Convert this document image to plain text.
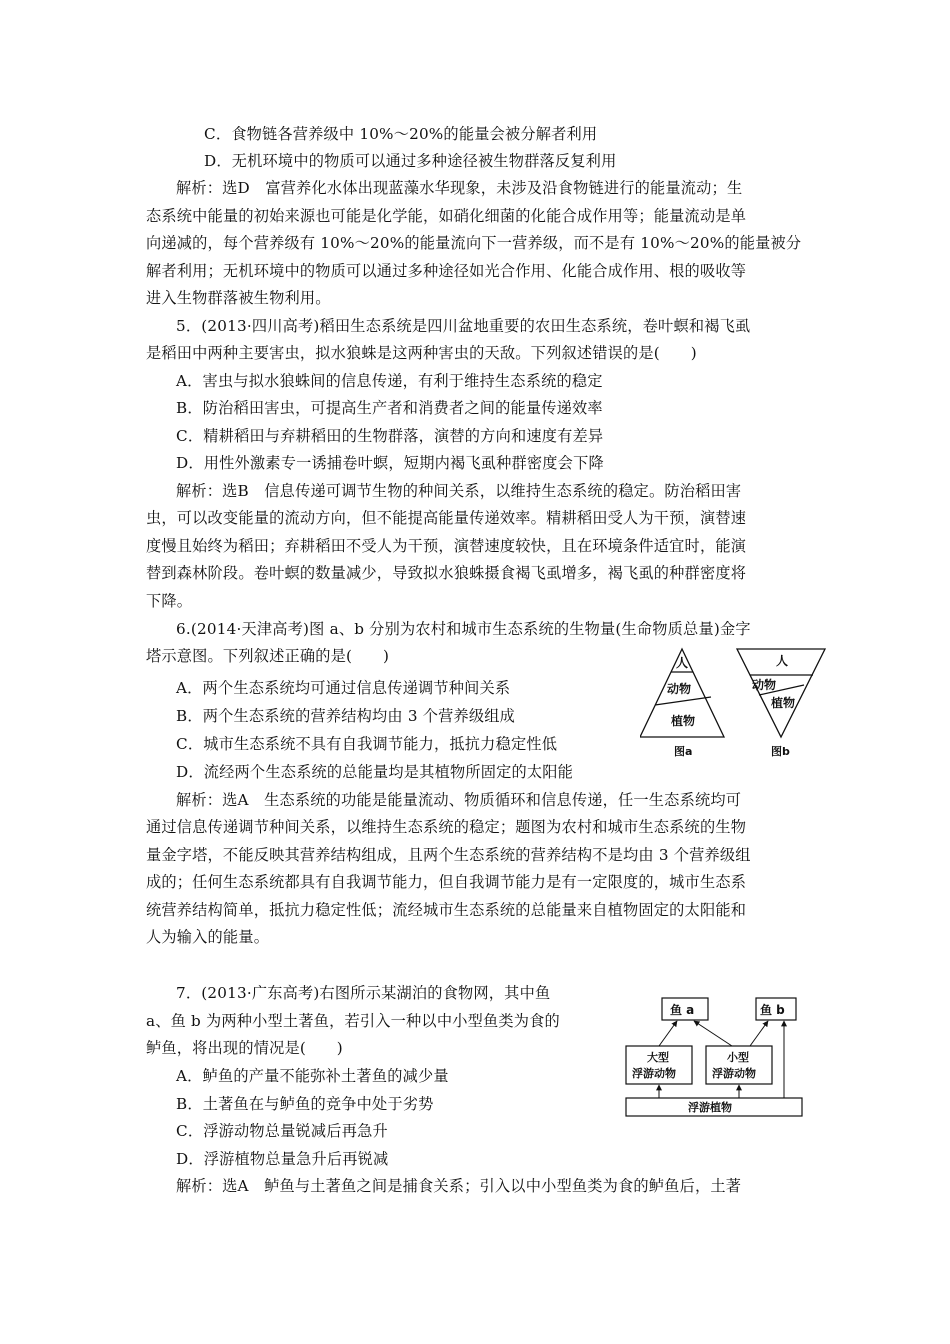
C．食物链各营养级中 10%～20%的能量会被分解者利用
D．无机环境中的物质可以通过多种途径被生物群落反复利用
解析：选D　富营养化水体出现蓝藻水华现象，未涉及沿食物链进行的能量流动；生
态系统中能量的初始来源也可能是化学能，如硝化细菌的化能合成作用等；能量流动是单
向递减的，每个营养级有 10%～20%的能量流向下一营养级，而不是有 10%～20%的能量被分
解者利用；无机环境中的物质可以通过多种途径如光合作用、化能合成作用、根的吸收等
进入生物群落被生物利用。
5．(2013·四川高考)稻田生态系统是四川盆地重要的农田生态系统，卷叶螟和褐飞虱
是稻田中两种主要害虫，拟水狼蛛是这两种害虫的天敌。下列叙述错误的是(　　)
A．害虫与拟水狼蛛间的信息传递，有利于维持生态系统的稳定
B．防治稻田害虫，可提高生产者和消费者之间的能量传递效率
C．精耕稻田与弃耕稻田的生物群落，演替的方向和速度有差异
D．用性外激素专一诱捕卷叶螟，短期内褐飞虱种群密度会下降
解析：选B　信息传递可调节生物的种间关系，以维持生态系统的稳定。防治稻田害
虫，可以改变能量的流动方向，但不能提高能量传递效率。精耕稻田受人为干预，演替速
度慢且始终为稻田；弃耕稻田不受人为干预，演替速度较快，且在环境条件适宜时，能演
替到森林阶段。卷叶螟的数量减少，导致拟水狼蛛摄食褐飞虱增多，褐飞虱的种群密度将
下降。
6.(2014·天津高考)图 a、b 分别为农村和城市生态系统的生物量(生命物质总量)金字
塔示意图。下列叙述正确的是(　　)
A．两个生态系统均可通过信息传递调节种间关系
B．两个生态系统的营养结构均由 3 个营养级组成
C．城市生态系统不具有自我调节能力，抵抗力稳定性低
D．流经两个生态系统的总能量均是其植物所固定的太阳能
人
动物
植物
图a
人
动物
植物
图b
解析：选A　生态系统的功能是能量流动、物质循环和信息传递，任一生态系统均可
通过信息传递调节种间关系，以维持生态系统的稳定；题图为农村和城市生态系统的生物
量金字塔，不能反映其营养结构组成，且两个生态系统的营养结构不是均由 3 个营养级组
成的；任何生态系统都具有自我调节能力，但自我调节能力是有一定限度的，城市生态系
统营养结构简单，抵抗力稳定性低；流经城市生态系统的总能量来自植物固定的太阳能和
人为输入的能量。
7．(2013·广东高考)右图所示某湖泊的食物网，其中鱼
a、鱼 b 为两种小型土著鱼，若引入一种以中小型鱼类为食的
鲈鱼，将出现的情况是(　　)
A．鲈鱼的产量不能弥补土著鱼的减少量
B．土著鱼在与鲈鱼的竞争中处于劣势
C．浮游动物总量锐减后再急升
D．浮游植物总量急升后再锐减
鱼 a	鱼 b
大型
浮游动物
小型
浮游动物
浮游植物
解析：选A　鲈鱼与土著鱼之间是捕食关系；引入以中小型鱼类为食的鲈鱼后，土著
